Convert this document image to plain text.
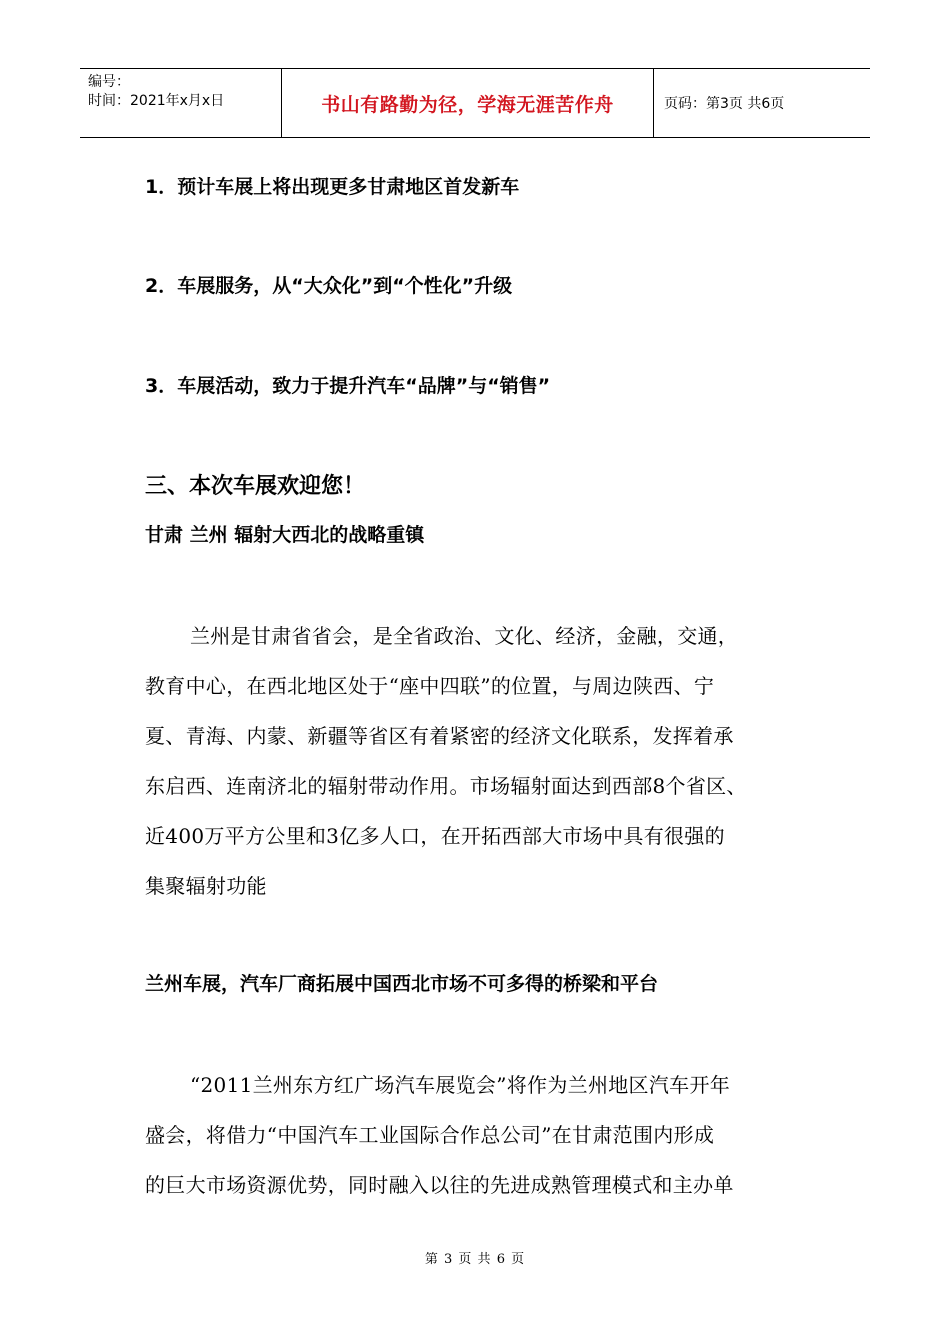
编号：
时间：2021年x月x日	书山有路勤为径，学海无涯苦作舟	页码：第3页 共6页
1．预计车展上将出现更多甘肃地区首发新车
2．车展服务，从“大众化”到“个性化”升级
3．车展活动，致力于提升汽车“品牌”与“销售”
三、本次车展欢迎您！
甘肃 兰州 辐射大西北的战略重镇
兰州是甘肃省省会，是全省政治、文化、经济，金融，交通，
教育中心，在西北地区处于“座中四联”的位置，与周边陕西、宁
夏、青海、内蒙、新疆等省区有着紧密的经济文化联系，发挥着承
东启西、连南济北的辐射带动作用。市场辐射面达到西部8个省区、
近400万平方公里和3亿多人口，在开拓西部大市场中具有很强的
集聚辐射功能
兰州车展，汽车厂商拓展中国西北市场不可多得的桥梁和平台
“2011兰州东方红广场汽车展览会”将作为兰州地区汽车开年
盛会，将借力“中国汽车工业国际合作总公司”在甘肃范围内形成
的巨大市场资源优势，同时融入以往的先进成熟管理模式和主办单
第 3 页 共 6 页
